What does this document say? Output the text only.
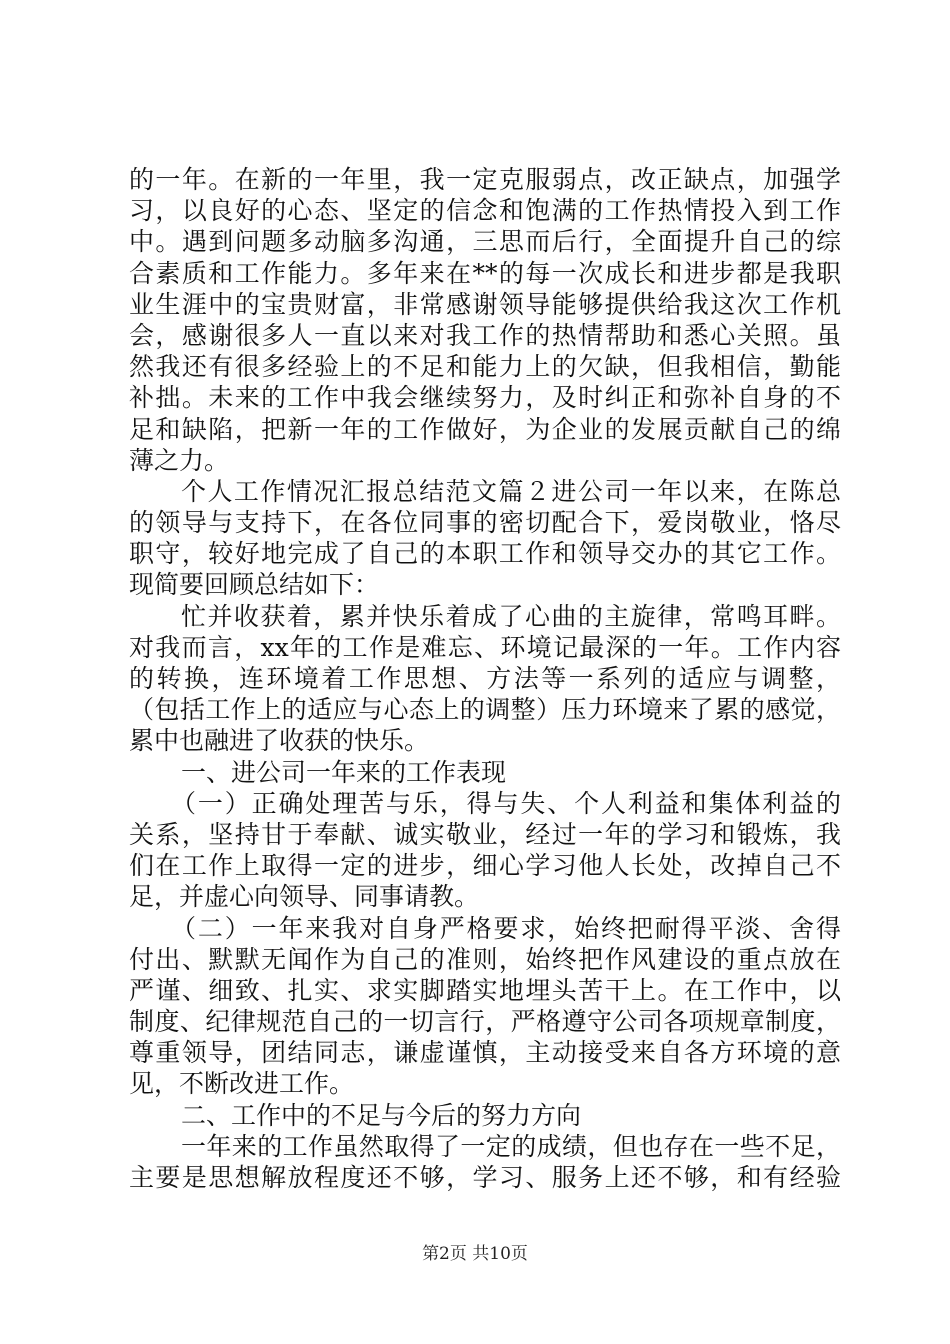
的一年。在新的一年里，我一定克服弱点，改正缺点，加强学
习，以良好的心态、坚定的信念和饱满的工作热情投入到工作
中。遇到问题多动脑多沟通，三思而后行，全面提升自己的综
合素质和工作能力。多年来在**的每一次成长和进步都是我职
业生涯中的宝贵财富，非常感谢领导能够提供给我这次工作机
会，感谢很多人一直以来对我工作的热情帮助和悉心关照。虽
然我还有很多经验上的不足和能力上的欠缺，但我相信，勤能
补拙。未来的工作中我会继续努力，及时纠正和弥补自身的不
足和缺陷，把新一年的工作做好，为企业的发展贡献自己的绵
薄之力。
个人工作情况汇报总结范文篇２进公司一年以来，在陈总
的领导与支持下，在各位同事的密切配合下，爱岗敬业，恪尽
职守，较好地完成了自己的本职工作和领导交办的其它工作。
现简要回顾总结如下：
忙并收获着，累并快乐着成了心曲的主旋律，常鸣耳畔。
对我而言，xx年的工作是难忘、环境记最深的一年。工作内容
的转换，连环境着工作思想、方法等一系列的适应与调整，
（包括工作上的适应与心态上的调整）压力环境来了累的感觉，
累中也融进了收获的快乐。
一、进公司一年来的工作表现
（一）正确处理苦与乐，得与失、个人利益和集体利益的
关系，坚持甘于奉献、诚实敬业，经过一年的学习和锻炼，我
们在工作上取得一定的进步，细心学习他人长处，改掉自己不
足，并虚心向领导、同事请教。
（二）一年来我对自身严格要求，始终把耐得平淡、舍得
付出、默默无闻作为自己的准则，始终把作风建设的重点放在
严谨、细致、扎实、求实脚踏实地埋头苦干上。在工作中，以
制度、纪律规范自己的一切言行，严格遵守公司各项规章制度，
尊重领导，团结同志，谦虚谨慎，主动接受来自各方环境的意
见，不断改进工作。
二、工作中的不足与今后的努力方向
一年来的工作虽然取得了一定的成绩，但也存在一些不足，
主要是思想解放程度还不够，学习、服务上还不够，和有经验
第2页 共10页
